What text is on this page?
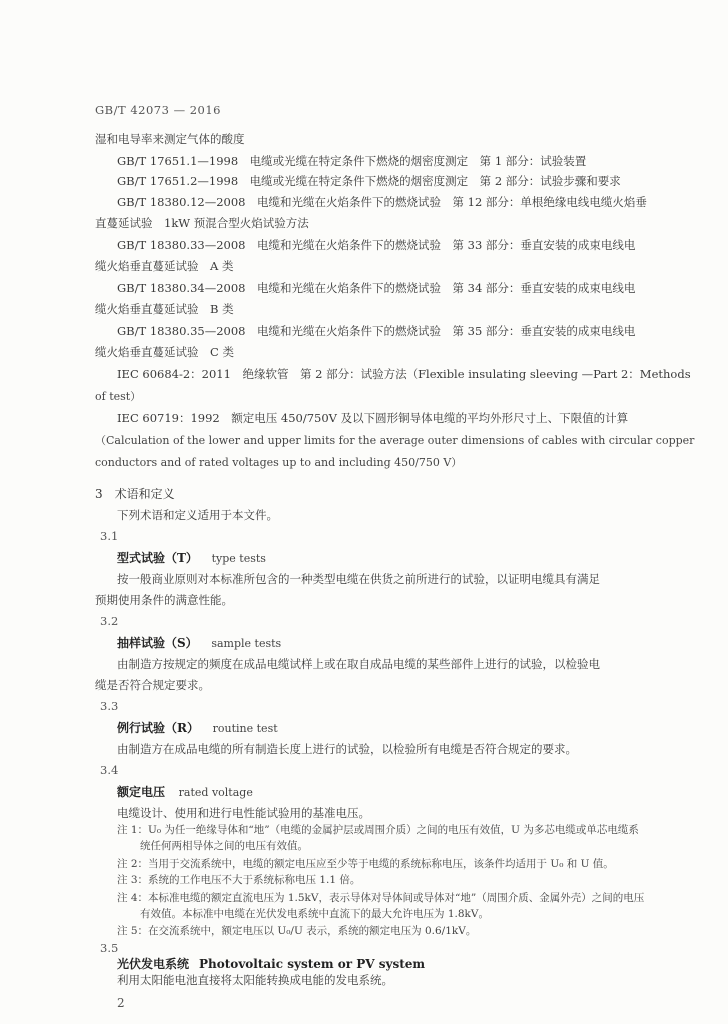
GB/T 42073 — 2016
湿和电导率来测定气体的酸度
GB/T 17651.1—1998　电缆或光缆在特定条件下燃烧的烟密度测定　第 1 部分：试验装置
GB/T 17651.2—1998　电缆或光缆在特定条件下燃烧的烟密度测定　第 2 部分：试验步骤和要求
GB/T 18380.12—2008　电缆和光缆在火焰条件下的燃烧试验　第 12 部分：单根绝缘电线电缆火焰垂
直蔓延试验　1kW 预混合型火焰试验方法
GB/T 18380.33—2008　电缆和光缆在火焰条件下的燃烧试验　第 33 部分：垂直安装的成束电线电
缆火焰垂直蔓延试验　A 类
GB/T 18380.34—2008　电缆和光缆在火焰条件下的燃烧试验　第 34 部分：垂直安装的成束电线电
缆火焰垂直蔓延试验　B 类
GB/T 18380.35—2008　电缆和光缆在火焰条件下的燃烧试验　第 35 部分：垂直安装的成束电线电
缆火焰垂直蔓延试验　C 类
IEC 60684-2：2011　绝缘软管　第 2 部分：试验方法（Flexible insulating sleeving —Part 2：Methods
of test）
IEC 60719：1992　额定电压 450/750V 及以下圆形铜导体电缆的平均外形尺寸上、下限值的计算
（Calculation of the lower and upper limits for the average outer dimensions of cables with circular copper
conductors and of rated voltages up to and including 450/750 V）
3　术语和定义
下列术语和定义适用于本文件。
3.1
型式试验（T） type tests
按一般商业原则对本标准所包含的一种类型电缆在供货之前所进行的试验，以证明电缆具有满足
预期使用条件的满意性能。
3.2
抽样试验（S） sample tests
由制造方按规定的频度在成品电缆试样上或在取自成品电缆的某些部件上进行的试验，以检验电
缆是否符合规定要求。
3.3
例行试验（R） routine test
由制造方在成品电缆的所有制造长度上进行的试验，以检验所有电缆是否符合规定的要求。
3.4
额定电压 rated voltage
电缆设计、使用和进行电性能试验用的基准电压。
注 1：U₀ 为任一绝缘导体和“地”（电缆的金属护层或周围介质）之间的电压有效值，U 为多芯电缆或单芯电缆系
统任何两相导体之间的电压有效值。
注 2：当用于交流系统中，电缆的额定电压应至少等于电缆的系统标称电压，该条件均适用于 U₀ 和 U 值。
注 3：系统的工作电压不大于系统标称电压 1.1 倍。
注 4：本标准电缆的额定直流电压为 1.5kV，表示导体对导体间或导体对“地”（周围介质、金属外壳）之间的电压
有效值。本标准中电缆在光伏发电系统中直流下的最大允许电压为 1.8kV。
2
注 5：在交流系统中，额定电压以 U₀/U 表示，系统的额定电压为 0.6/1kV。
3.5
光伏发电系统 Photovoltaic system or PV system
利用太阳能电池直接将太阳能转换成电能的发电系统。
